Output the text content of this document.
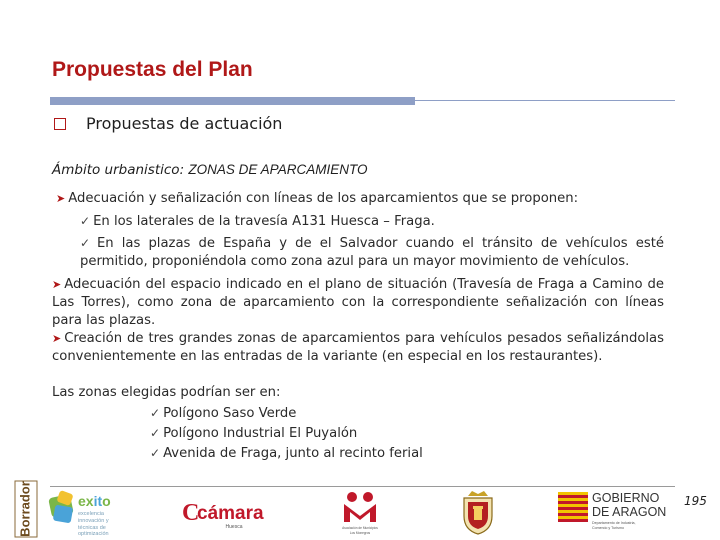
Propuestas del Plan
Propuestas de actuación
Ámbito urbanistico: ZONAS DE APARCAMIENTO
➤ Adecuación y señalización con líneas de los aparcamientos que se proponen:
✓ En los laterales de la travesía A131 Huesca – Fraga.
✓ En las plazas de España y de el Salvador cuando el tránsito de vehículos esté permitido, proponiéndola como zona azul para un mayor movimiento de vehículos.
➤ Adecuación del espacio indicado en el plano de situación (Travesía de Fraga a Camino de Las Torres), como zona de aparcamiento con la correspondiente señalización con líneas para las plazas.
➤ Creación de tres grandes zonas de aparcamientos para vehículos pesados señalizándolas convenientemente en las entradas de la variante (en especial en los restaurantes).
Las zonas elegidas podrían ser en:
✓ Polígono Saso Verde
✓ Polígono Industrial El Puyalón
✓ Avenida de Fraga, junto al recinto ferial
195
Borrador	exito
excelencia
innovación y
técnicas de
optimización
C
cámara
Huesca	Asociación de Municipios
Los Monegros
GOBIERNO
DE ARAGON
Departamento de Industria,
Comercio y Turismo
